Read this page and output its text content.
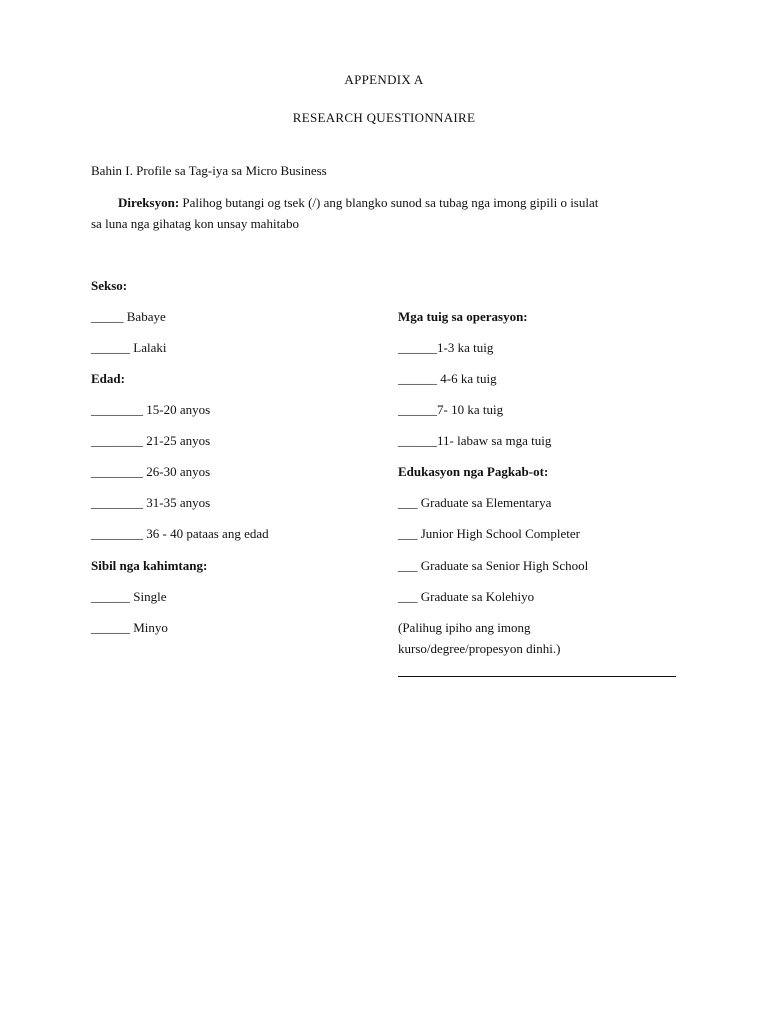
APPENDIX A
RESEARCH QUESTIONNAIRE
Bahin I. Profile sa Tag-iya sa Micro Business
Direksyon: Palihog butangi og tsek (/) ang blangko sunod sa tubag nga imong gipili o isulat
sa luna nga gihatag kon unsay mahitabo
Sekso:
_____ Babaye
______ Lalaki
Edad:
________ 15-20 anyos
________ 21-25 anyos
________ 26-30 anyos
________ 31-35 anyos
________ 36 - 40 pataas ang edad
Sibil nga kahimtang:
______ Single
______ Minyo
Mga tuig sa operasyon:
______1-3 ka tuig
______ 4-6 ka tuig
______7- 10 ka tuig
______11- labaw sa mga tuig
Edukasyon nga Pagkab-ot:
___ Graduate sa Elementarya
___ Junior High School Completer
___ Graduate sa Senior High School
___ Graduate sa Kolehiyo
(Palihug ipiho ang imong
kurso/degree/propesyon dinhi.)
